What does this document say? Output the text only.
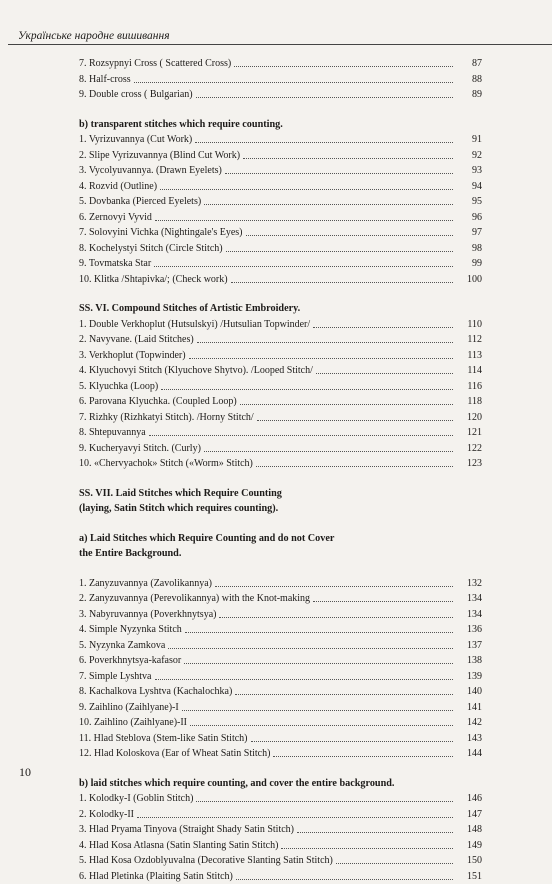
Українське народне вишивання
7. Rozsypnyi Cross ( Scattered Cross)	87
8. Half-cross	88
9. Double cross ( Bulgarian)	89
b) transparent stitches which require counting.
1. Vyrizuvannya (Cut Work)	91
2. Slipe Vyrizuvannya (Blind Cut Work)	92
3. Vycolyuvannya. (Drawn Eyelets)	93
4. Rozvid (Outline)	94
5. Dovbanka (Pierced Eyelets)	95
6. Zernovyi Vyvid	96
7. Solovyini Vichka (Nightingale's Eyes)	97
8. Kochelystyi Stitch (Circle Stitch)	98
9. Tovmatska Star	99
10. Klitka /Shtapivka/; (Check work)	100
SS. VI. Compound Stitches of Artistic Embroidery.
1. Double Verkhoplut (Hutsulskyi) /Hutsulian Topwinder/	110
2. Navyvane. (Laid Stitches)	112
3. Verkhoplut (Topwinder)	113
4. Klyuchovyi Stitch (Klyuchove Shytvo). /Looped Stitch/	114
5. Klyuchka (Loop)	116
6. Parovana Klyuchka. (Coupled Loop)	118
7. Rizhky (Rizhkatyi Stitch). /Horny Stitch/	120
8. Shtepuvannya	121
9. Kucheryavyi Stitch. (Curly)	122
10. «Chervyachok» Stitch («Worm» Stitch)	123
SS. VII. Laid Stitches which Require Counting
(laying, Satin Stitch which requires counting).
a) Laid Stitches which Require Counting and do not Cover
the Entire Background.
1. Zanyzuvannya (Zavolikannya)	132
2. Zanyzuvannya (Perevolikannya) with the Knot-making	134
3. Nabyruvannya (Poverkhnytsya)	134
4. Simple Nyzynka Stitch	136
5. Nyzynka Zamkova	137
6. Poverkhnytsya-kafasor	138
7. Simple Lyshtva	139
8. Kachalkova Lyshtva (Kachalochka)	140
9. Zaihlino (Zaihlyane)-I	141
10. Zaihlino (Zaihlyane)-II	142
11. Hlad Steblova (Stem-like Satin Stitch)	143
12. Hlad Koloskova (Ear of Wheat Satin Stitch)	144
b) laid stitches which require counting, and cover the entire background.
1. Kolodky-I (Goblin Stitch)	146
2. Kolodky-II	147
3. Hlad Pryama Tinyova (Straight Shady Satin Stitch)	148
4. Hlad Kosa Atlasna (Satin Slanting Satin Stitch)	149
5. Hlad Kosa Ozdoblyuvalna (Decorative Slanting Satin Stitch)	150
6. Hlad Pletinka (Plaiting Satin Stitch)	151
10
